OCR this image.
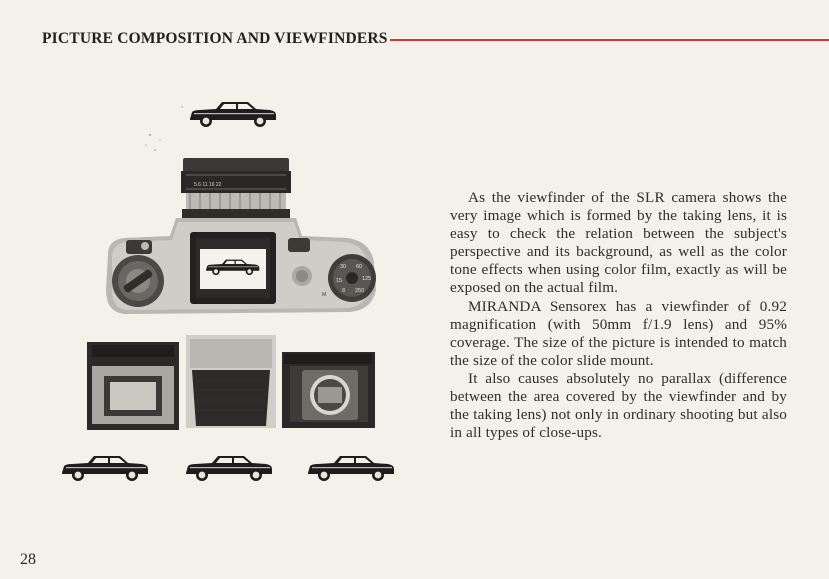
PICTURE COMPOSITION AND VIEWFINDERS
5.6 11 16 22
30 60
125
15
8 250
M

As the viewfinder of the SLR camera shows the very image which is formed by the taking lens, it is easy to check the relation between the subject's perspective and its background, as well as the color tone effects when using color film, exactly as will be exposed on the actual film.

MIRANDA Sensorex has a viewfinder of 0.92 magnification (with 50mm f/1.9 lens) and 95% coverage. The size of the picture is intended to match the size of the color slide mount.

It also causes absolutely no parallax (difference between the area covered by the viewfinder and by the taking lens) not only in ordinary shooting but also in all types of close-ups.

28
